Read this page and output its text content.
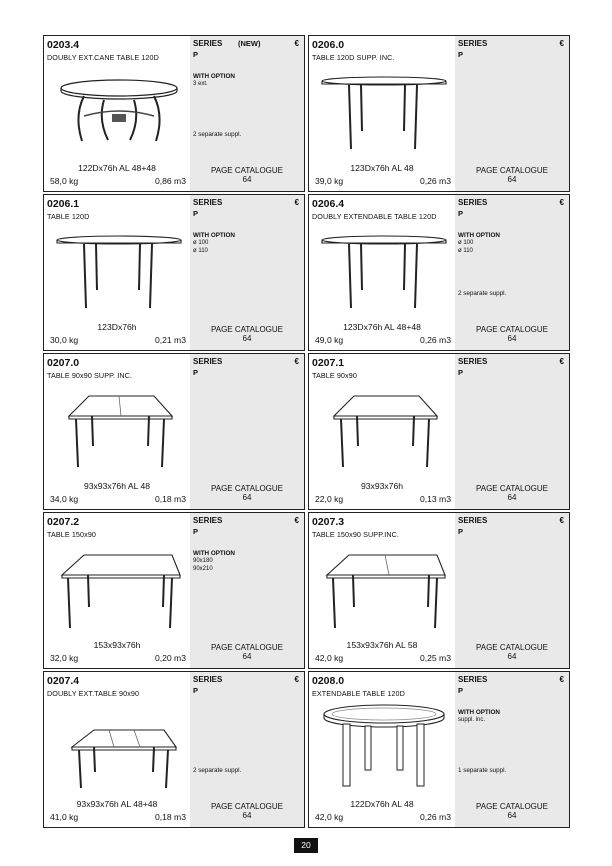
0203.4
DOUBLY EXT.CANE TABLE 120D
122Dx76h AL 48+48
58,0 kg	0,86 m3
SERIES (NEW)	€
P
WITH OPTION
3 ext.
2 separate suppl.
PAGE CATALOGUE
64
0206.0
TABLE 120D SUPP. INC.
123Dx76h AL 48
39,0 kg	0,26 m3
SERIES	€
P
PAGE CATALOGUE
64
0206.1
TABLE 120D
123Dx76h
30,0 kg	0,21 m3
SERIES	€
P
WITH OPTION
ø 100
ø 110
PAGE CATALOGUE
64
0206.4
DOUBLY EXTENDABLE TABLE 120D
123Dx76h AL 48+48
49,0 kg	0,26 m3
SERIES	€
P
WITH OPTION
ø 100
ø 110
2 separate suppl.
PAGE CATALOGUE
64
0207.0
TABLE 90x90 SUPP. INC.
93x93x76h AL 48
34,0 kg	0,18 m3
SERIES	€
P
PAGE CATALOGUE
64
0207.1
TABLE 90x90
93x93x76h
22,0 kg	0,13 m3
SERIES	€
P
PAGE CATALOGUE
64
0207.2
TABLE 150x90
153x93x76h
32,0 kg	0,20 m3
SERIES	€
P
WITH OPTION
90x180
90x210
PAGE CATALOGUE
64
0207.3
TABLE 150x90 SUPP.INC.
153x93x76h AL 58
42,0 kg	0,25 m3
SERIES	€
P
PAGE CATALOGUE
64
0207.4
DOUBLY EXT.TABLE 90x90
93x93x76h AL 48+48
41,0 kg	0,18 m3
SERIES	€
P
2 separate suppl.
PAGE CATALOGUE
64
0208.0
EXTENDABLE TABLE 120D
122Dx76h AL 48
42,0 kg	0,26 m3
SERIES	€
P
WITH OPTION
suppl. inc.
1 separate suppl.
PAGE CATALOGUE
64
20
